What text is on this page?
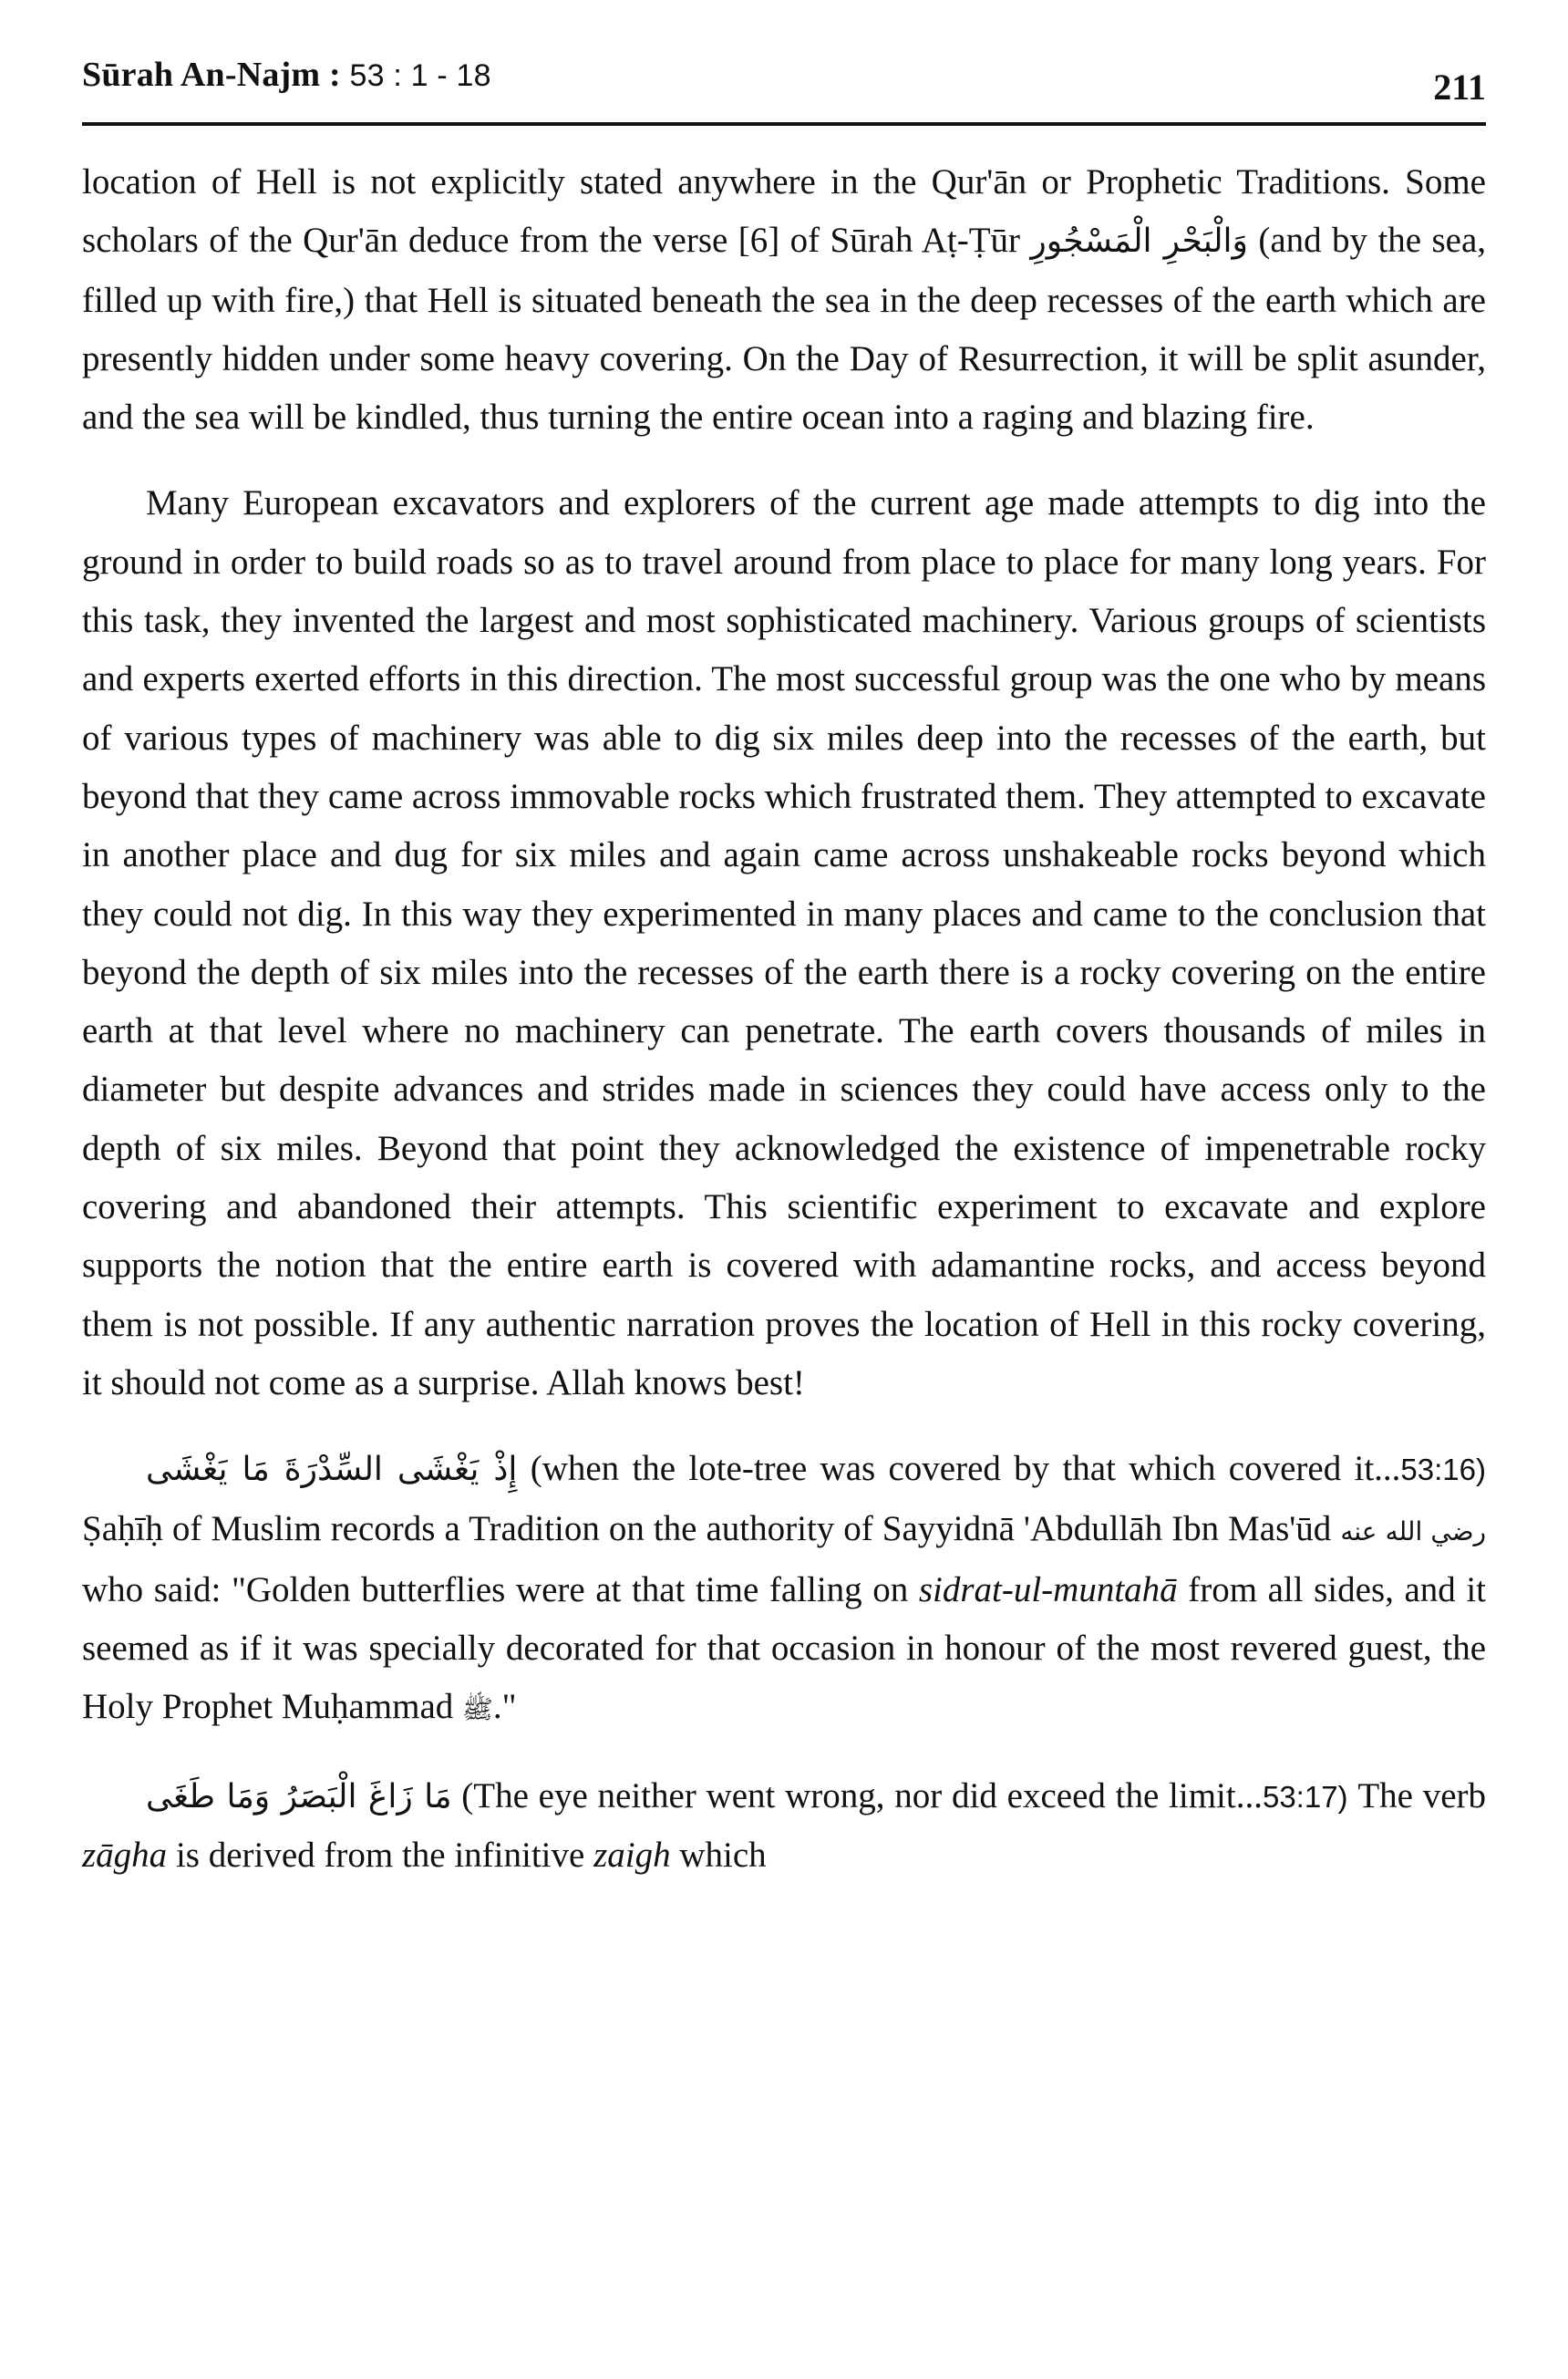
Sūrah An-Najm : 53 : 1 - 18	211

location of Hell is not explicitly stated anywhere in the Qur'ān or Prophetic Traditions. Some scholars of the Qur'ān deduce from the verse [6] of Sūrah Aṭ-Ṭūr وَالْبَحْرِ الْمَسْجُورِ (and by the sea, filled up with fire,) that Hell is situated beneath the sea in the deep recesses of the earth which are presently hidden under some heavy covering. On the Day of Resurrection, it will be split asunder, and the sea will be kindled, thus turning the entire ocean into a raging and blazing fire.

Many European excavators and explorers of the current age made attempts to dig into the ground in order to build roads so as to travel around from place to place for many long years. For this task, they invented the largest and most sophisticated machinery. Various groups of scientists and experts exerted efforts in this direction. The most successful group was the one who by means of various types of machinery was able to dig six miles deep into the recesses of the earth, but beyond that they came across immovable rocks which frustrated them. They attempted to excavate in another place and dug for six miles and again came across unshakeable rocks beyond which they could not dig. In this way they experimented in many places and came to the conclusion that beyond the depth of six miles into the recesses of the earth there is a rocky covering on the entire earth at that level where no machinery can penetrate. The earth covers thousands of miles in diameter but despite advances and strides made in sciences they could have access only to the depth of six miles. Beyond that point they acknowledged the existence of impenetrable rocky covering and abandoned their attempts. This scientific experiment to excavate and explore supports the notion that the entire earth is covered with adamantine rocks, and access beyond them is not possible. If any authentic narration proves the location of Hell in this rocky covering, it should not come as a surprise. Allah knows best!

إِذْ يَغْشَى السِّدْرَةَ مَا يَغْشَى (when the lote-tree was covered by that which covered it...53:16) Ṣaḥīḥ of Muslim records a Tradition on the authority of Sayyidnā 'Abdullāh Ibn Mas'ūd رضي الله عنه who said: "Golden butterflies were at that time falling on sidrat-ul-muntahā from all sides, and it seemed as if it was specially decorated for that occasion in honour of the most revered guest, the Holy Prophet Muḥammad ﷺ."

مَا زَاغَ الْبَصَرُ وَمَا طَغَى (The eye neither went wrong, nor did exceed the limit...53:17) The verb zāgha is derived from the infinitive zaigh which
